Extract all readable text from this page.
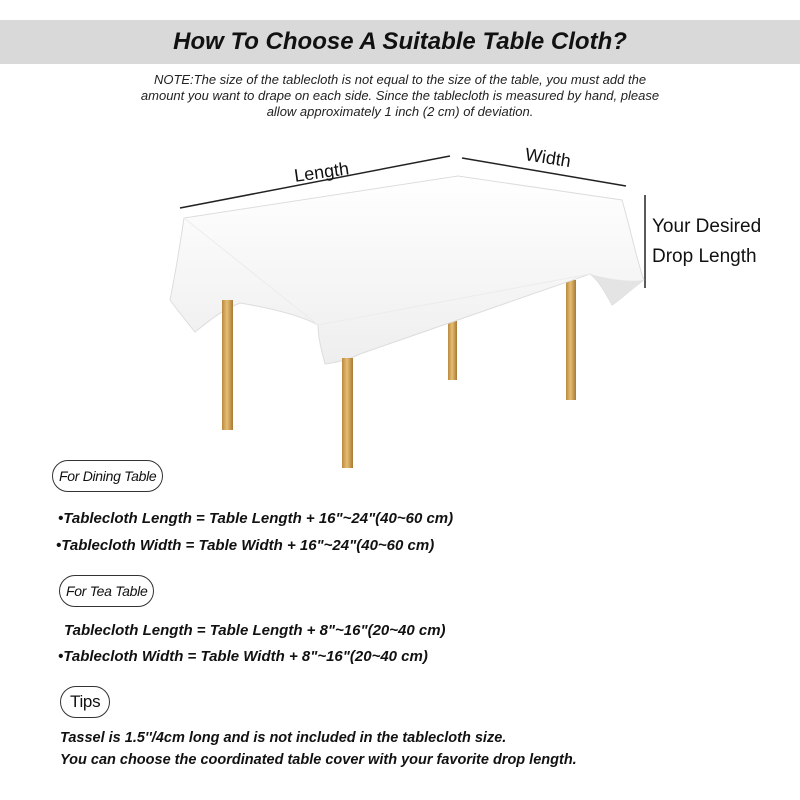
How To Choose A Suitable Table Cloth?
NOTE:The size of the tablecloth is not equal to the size of the table, you must add the
amount you want to drape on each side. Since the tablecloth is measured by hand, please
allow approximately 1 inch (2 cm) of deviation.
Length
Width
Your Desired
Drop Length
For Dining Table
•Tablecloth Length = Table Length + 16"~24"(40~60 cm)
•Tablecloth Width = Table Width + 16"~24"(40~60 cm)
For Tea Table
Tablecloth Length = Table Length + 8"~16"(20~40 cm)
•Tablecloth Width = Table Width + 8"~16"(20~40 cm)
Tips
Tassel is 1.5''/4cm long and is not included in the tablecloth size.
You can choose the coordinated table cover with your favorite drop length.
